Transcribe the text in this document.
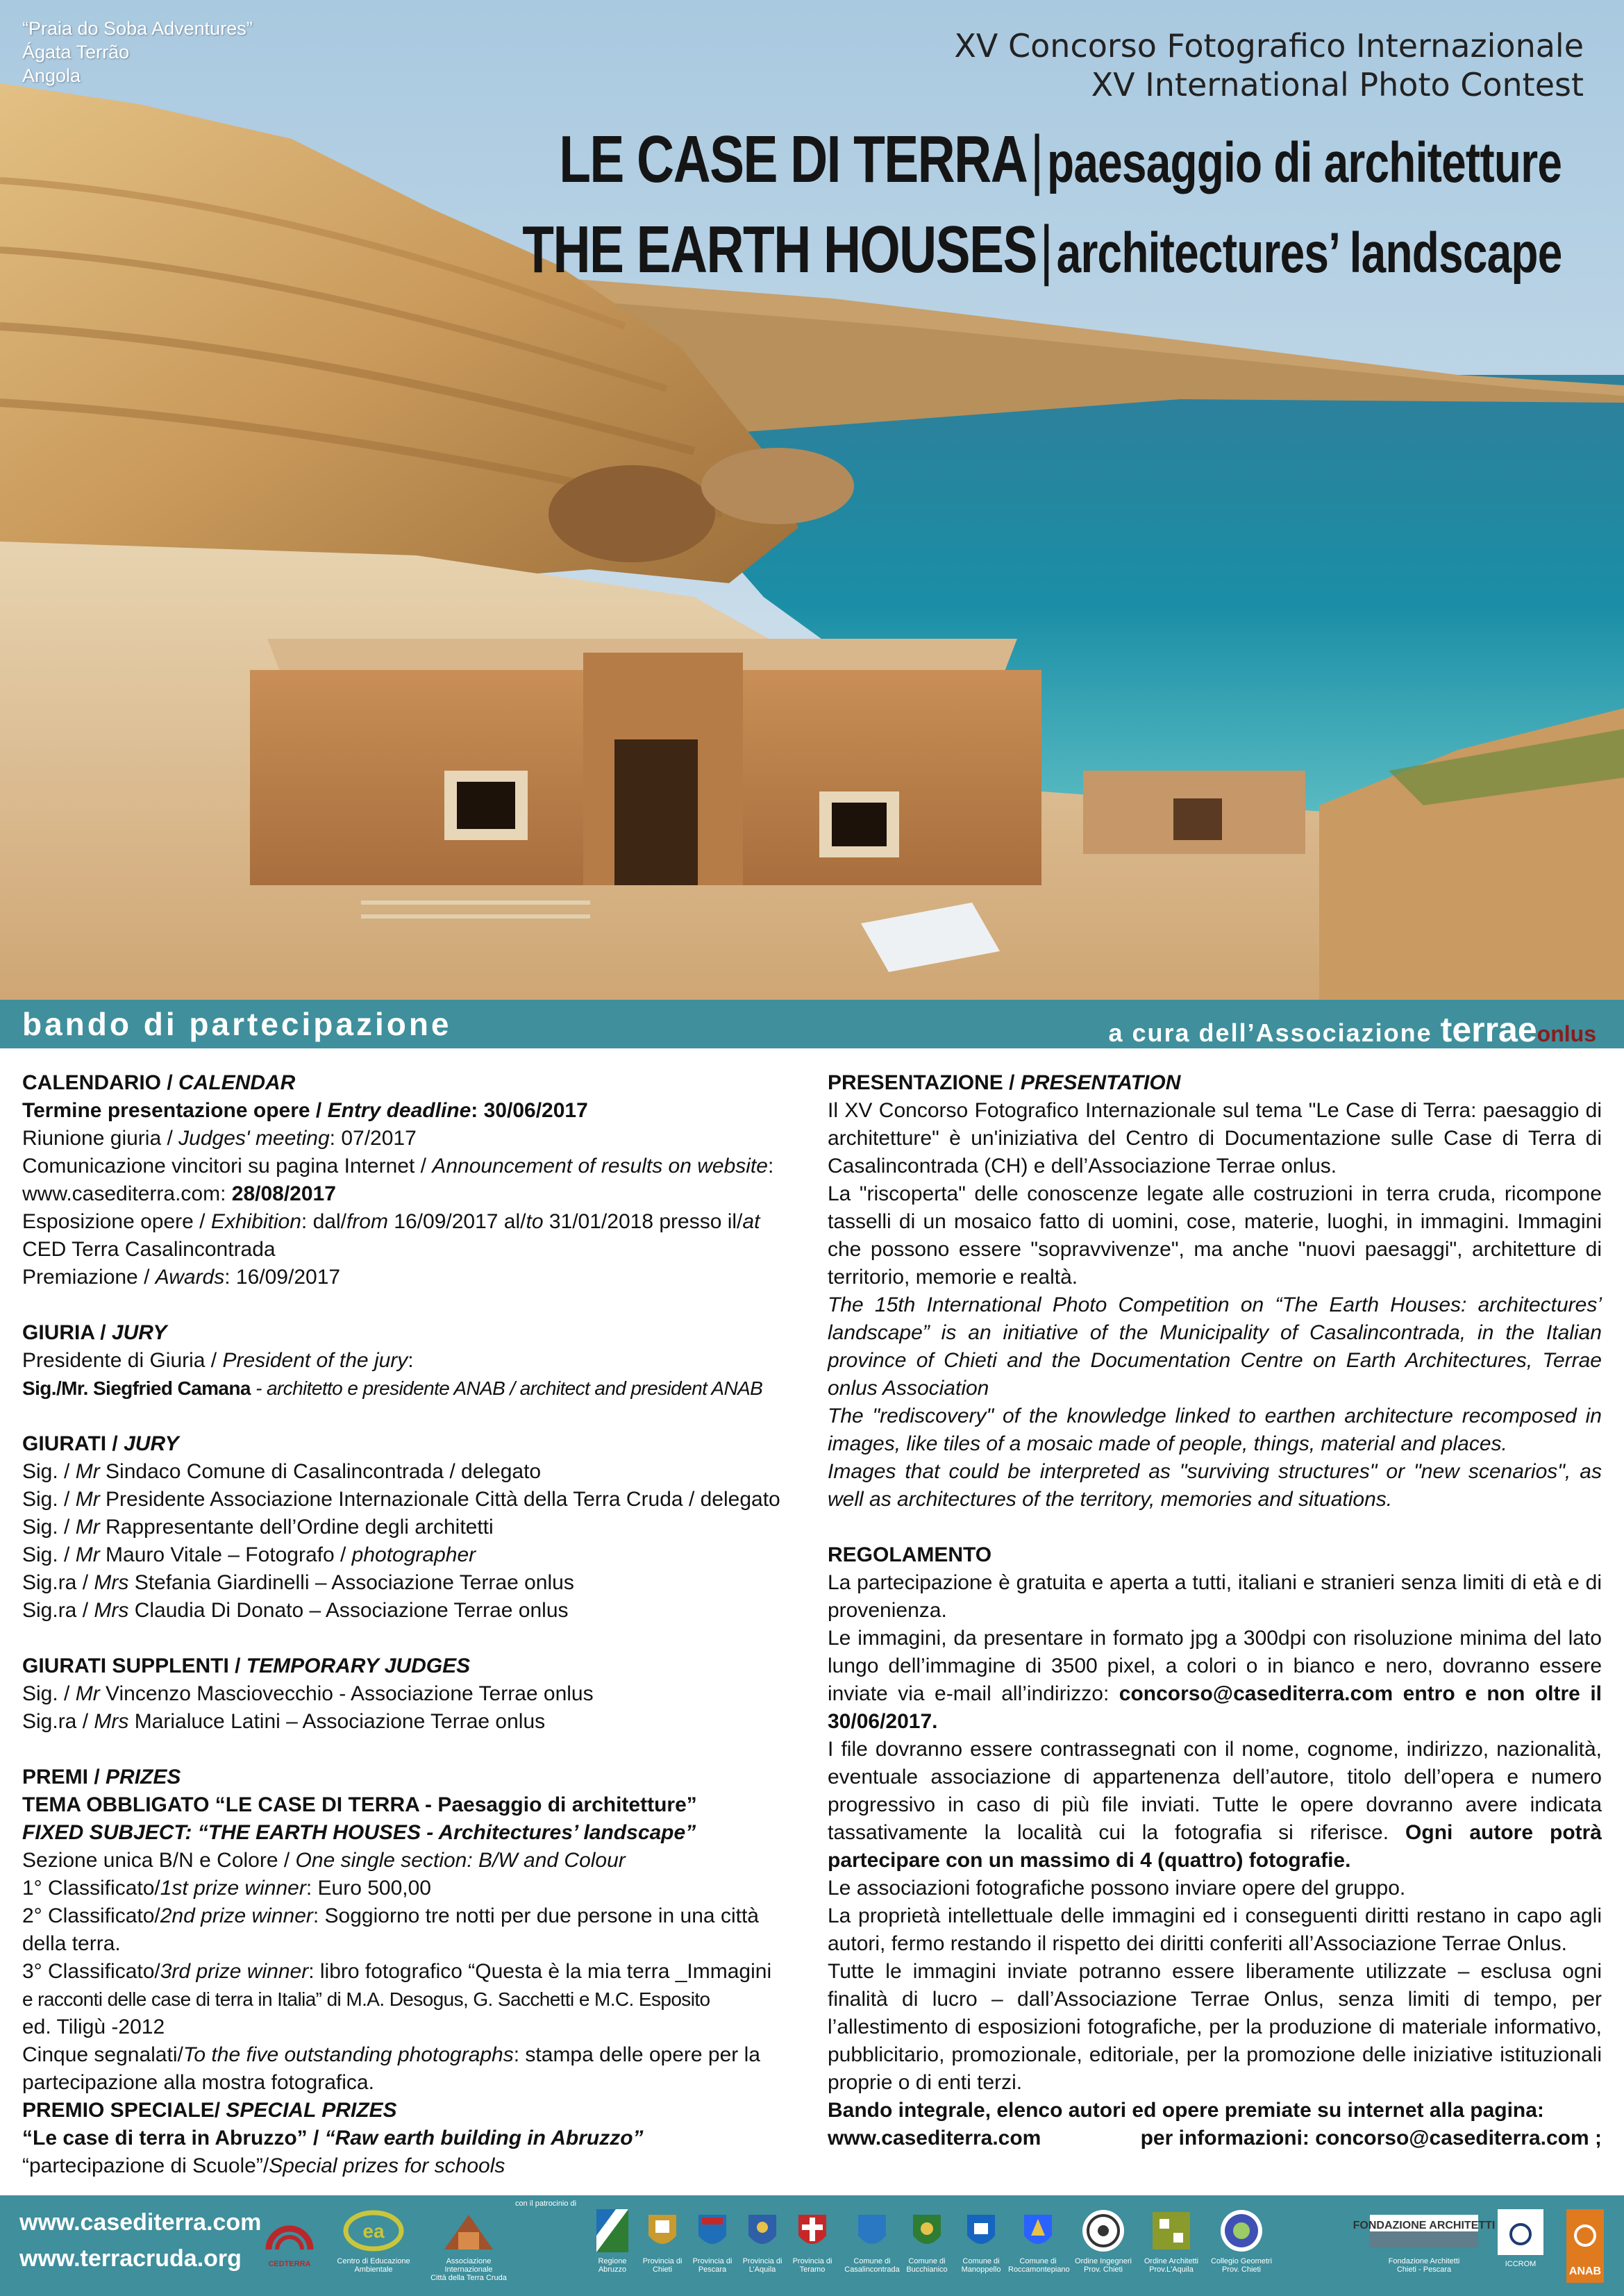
“Praia do Soba Adventures”
Ágata Terrão
Angola
XV Concorso Fotografico Internazionale
XV International Photo Contest
LE CASE DI TERRA|paesaggio di architetture
THE EARTH HOUSES|architectures’ landscape
bando di partecipazione	a cura dell’Associazione terraeonlus

CALENDARIO / CALENDAR

Termine presentazione opere / Entry deadline: 30/06/2017

Riunione giuria / Judges' meeting: 07/2017

Comunicazione vincitori su pagina Internet / Announcement of results on website:

www.casediterra.com: 28/08/2017

Esposizione opere / Exhibition: dal/from 16/09/2017 al/to 31/01/2018 presso il/at

CED Terra Casalincontrada

Premiazione / Awards: 16/09/2017

GIURIA / JURY

Presidente di Giuria / President of the jury:

Sig./Mr. Siegfried Camana - architetto e presidente ANAB / architect and president ANAB

GIURATI / JURY

Sig. / Mr Sindaco Comune di Casalincontrada / delegato

Sig. / Mr Presidente Associazione Internazionale Città della Terra Cruda / delegato

Sig. / Mr Rappresentante dell’Ordine degli architetti

Sig. / Mr Mauro Vitale – Fotografo / photographer

Sig.ra / Mrs Stefania Giardinelli – Associazione Terrae onlus

Sig.ra / Mrs Claudia Di Donato – Associazione Terrae onlus

GIURATI SUPPLENTI / TEMPORARY JUDGES

Sig. / Mr Vincenzo Masciovecchio - Associazione Terrae onlus

Sig.ra / Mrs Marialuce Latini – Associazione Terrae onlus

PREMI / PRIZES

TEMA OBBLIGATO “LE CASE DI TERRA - Paesaggio di architetture”

FIXED SUBJECT: “THE EARTH HOUSES - Architectures’ landscape”

Sezione unica B/N e Colore / One single section: B/W and Colour

1° Classificato/1st prize winner: Euro 500,00

2° Classificato/2nd prize winner: Soggiorno tre notti per due persone in una città

della terra.

3° Classificato/3rd prize winner: libro fotografico “Questa è la mia terra _Immagini

e racconti delle case di terra in Italia” di M.A. Desogus, G. Sacchetti e M.C. Esposito

ed. Tiligù -2012

Cinque segnalati/To the five outstanding photographs: stampa delle opere per la

partecipazione alla mostra fotografica.

PREMIO SPECIALE/ SPECIAL PRIZES

“Le case di terra in Abruzzo” / “Raw earth building in Abruzzo”

“partecipazione di Scuole”/Special prizes for schools

PRESENTAZIONE / PRESENTATION

Il XV Concorso Fotografico Internazionale sul tema "Le Case di Terra: paesaggio di architetture" è un'iniziativa del Centro di Documentazione sulle Case di Terra di Casalincontrada (CH) e dell’Associazione Terrae onlus.

La "riscoperta" delle conoscenze legate alle costruzioni in terra cruda, ricompone tasselli di un mosaico fatto di uomini, cose, materie, luoghi, in immagini. Immagini che possono essere "sopravvivenze", ma anche "nuovi paesaggi", architetture di territorio, memorie e realtà.

The 15th International Photo Competition on “The Earth Houses: architectures’ landscape” is an initiative of the Municipality of Casalincontrada, in the Italian province of Chieti and the Documentation Centre on Earth Architectures, Terrae onlus Association

The "rediscovery" of the knowledge linked to earthen architecture recomposed in images, like tiles of a mosaic made of people, things, material and places.

Images that could be interpreted as "surviving structures" or "new scenarios", as well as architectures of the territory, memories and situations.

REGOLAMENTO

La partecipazione è gratuita e aperta a tutti, italiani e stranieri senza limiti di età e di provenienza.

Le immagini, da presentare in formato jpg a 300dpi con risoluzione minima del lato lungo dell’immagine di 3500 pixel, a colori o in bianco e nero, dovranno essere inviate via e-mail all’indirizzo: concorso@casediterra.com entro e non oltre il 30/06/2017.

I file dovranno essere contrassegnati con il nome, cognome, indirizzo, nazionalità, eventuale associazione di appartenenza dell’autore, titolo dell’opera e numero progressivo in caso di più file inviati. Tutte le opere dovranno avere indicata tassativamente la località cui la fotografia si riferisce. Ogni autore potrà partecipare con un massimo di 4 (quattro) fotografie.

Le associazioni fotografiche possono inviare opere del gruppo.

La proprietà intellettuale delle immagini ed i conseguenti diritti restano in capo agli autori, fermo restando il rispetto dei diritti conferiti all’Associazione Terrae Onlus.

Tutte le immagini inviate potranno essere liberamente utilizzate – esclusa ogni finalità di lucro – dall’Associazione Terrae Onlus, senza limiti di tempo, per l’allestimento di esposizioni fotografiche, per la produzione di materiale informativo, pubblicitario, promozionale, editoriale, per la promozione delle iniziative istituzionali proprie o di enti terzi.

Bando integrale, elenco autori ed opere premiate su internet alla pagina:

www.casediterra.com	per informazioni: concorso@casediterra.com ;

www.casediterra.com
www.terracruda.org
con il patrocinio di
CEDTERRA
ea
Centro di Educazione
Ambientale
Associazione Internazionale
Città della Terra Cruda
Regione
Abruzzo
Provincia di
Chieti
Provincia di
Pescara
Provincia di
L’Aquila
Provincia di
Teramo
Comune di
Casalincontrada
Comune di
Bucchianico
Comune di
Manoppello
Comune di
Roccamontepiano
Ordine Ingegneri
Prov. Chieti
Ordine Architetti
Prov.L'Aquila
Collegio Geometri
Prov. Chieti
FONDAZIONE ARCHITETTI
Fondazione Architetti
Chieti - Pescara
ICCROM
ANAB
